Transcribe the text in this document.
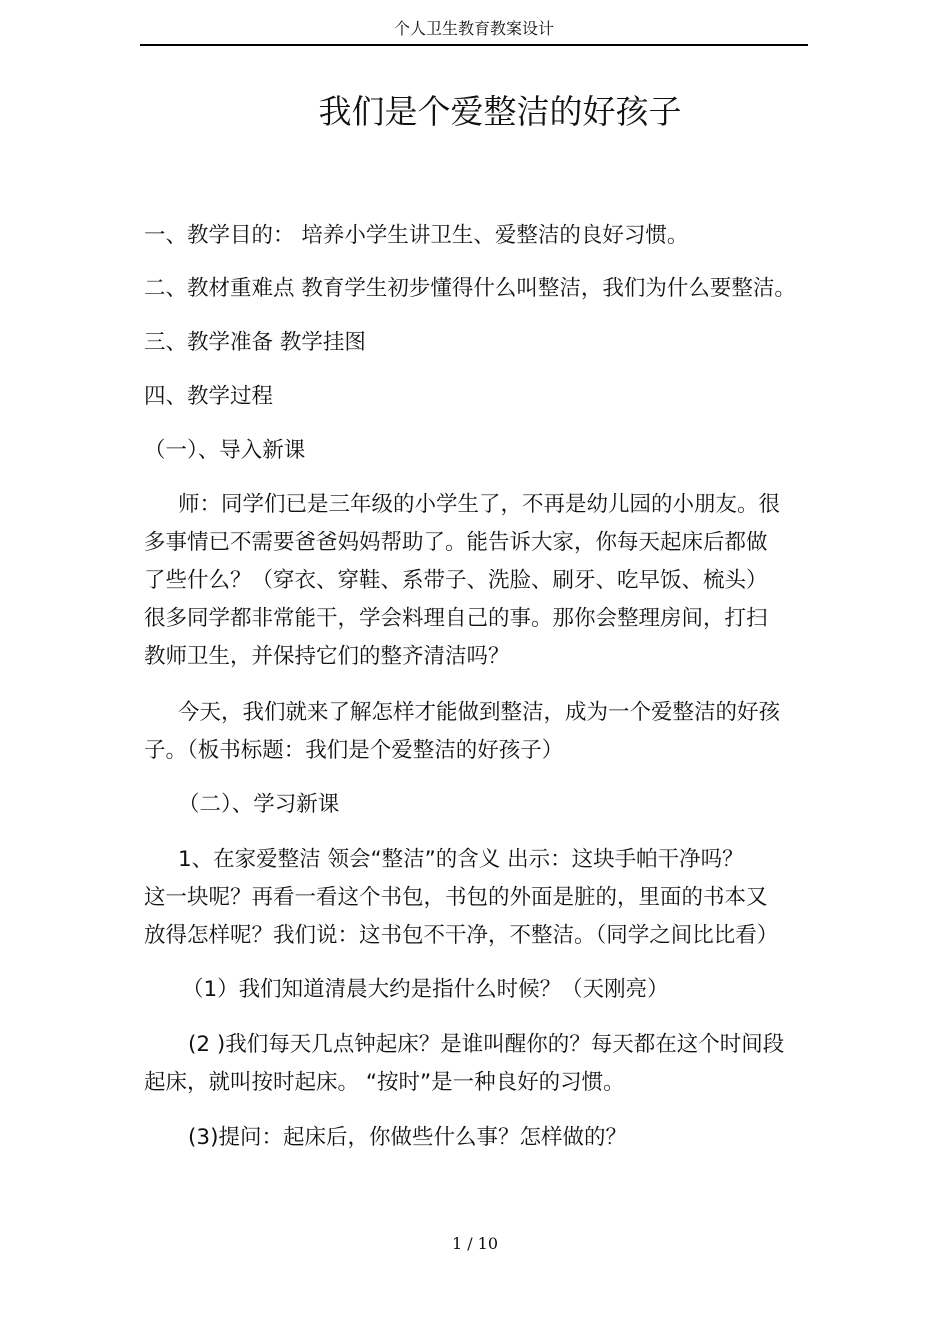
个人卫生教育教案设计
我们是个爱整洁的好孩子

一、教学目的： 培养小学生讲卫生、爱整洁的良好习惯。

二、教材重难点 教育学生初步懂得什么叫整洁，我们为什么要整洁。

三、教学准备 教学挂图

四、教学过程

（一）、导入新课

师：同学们已是三年级的小学生了，不再是幼儿园的小朋友。很
多事情已不需要爸爸妈妈帮助了。能告诉大家，你每天起床后都做
了些什么？（穿衣、穿鞋、系带子、洗脸、刷牙、吃早饭、梳头）
很多同学都非常能干，学会料理自己的事。那你会整理房间，打扫
教师卫生，并保持它们的整齐清洁吗？
今天，我们就来了解怎样才能做到整洁，成为一个爱整洁的好孩
子。（板书标题：我们是个爱整洁的好孩子）

（二）、学习新课

1、在家爱整洁 领会“整洁”的含义 出示：这块手帕干净吗？
这一块呢？再看一看这个书包，书包的外面是脏的，里面的书本又
放得怎样呢？我们说：这书包不干净，不整洁。（同学之间比比看）

（1）我们知道清晨大约是指什么时候？（天刚亮）

(2 )我们每天几点钟起床？是谁叫醒你的？每天都在这个时间段
起床，就叫按时起床。 “按时”是一种良好的习惯。

(3)提问：起床后，你做些什么事？怎样做的？

1 / 10
